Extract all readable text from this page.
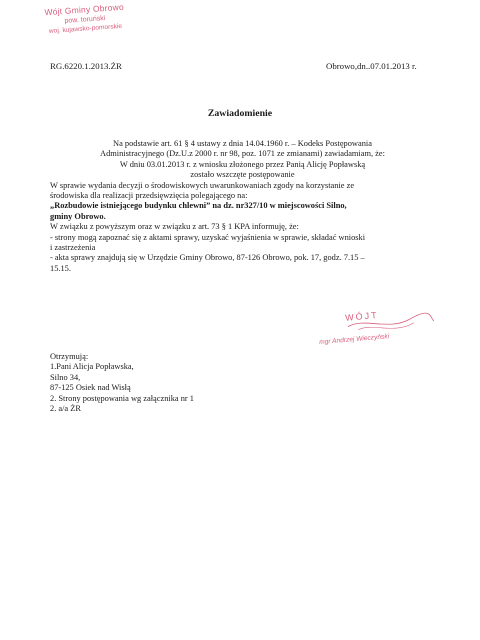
Wójt Gminy Obrowo
pow. toruński
woj. kujawsko-pomorskie
RG.6220.1.2013.ŻR	Obrowo,dn..07.01.2013 r.
Zawiadomienie
Na podstawie art. 61 § 4 ustawy z dnia 14.04.1960 r. – Kodeks Postępowania
Administracyjnego (Dz.U.z 2000 r. nr 98, poz. 1071 ze zmianami) zawiadamiam, że:
W dniu 03.01.2013 r. z wniosku złożonego przez Panią Alicję Popławską
zostało wszczęte postępowanie
W sprawie wydania decyzji o środowiskowych uwarunkowaniach zgody na korzystanie ze
środowiska dla realizacji przedsięwzięcia polegającego na:
„Rozbudowie istniejącego budynku chlewni” na dz. nr327/10 w miejscowości Silno,
gminy Obrowo.
W związku z powyższym oraz w związku z art. 73 § 1 KPA informuję, że:
- strony mogą zapoznać się z aktami sprawy, uzyskać wyjaśnienia w sprawie, składać wnioski
i zastrzeżenia
- akta sprawy znajdują się w Urzędzie Gminy Obrowo, 87-126 Obrowo, pok. 17, godz. 7.15 –
15.15.
WÓJT
mgr Andrzej Wieczyński
Otrzymują:
1.Pani Alicja Popławska,
Silno 34,
87-125 Osiek nad Wisłą
2. Strony postępowania wg załącznika nr 1
2. a/a ŻR
